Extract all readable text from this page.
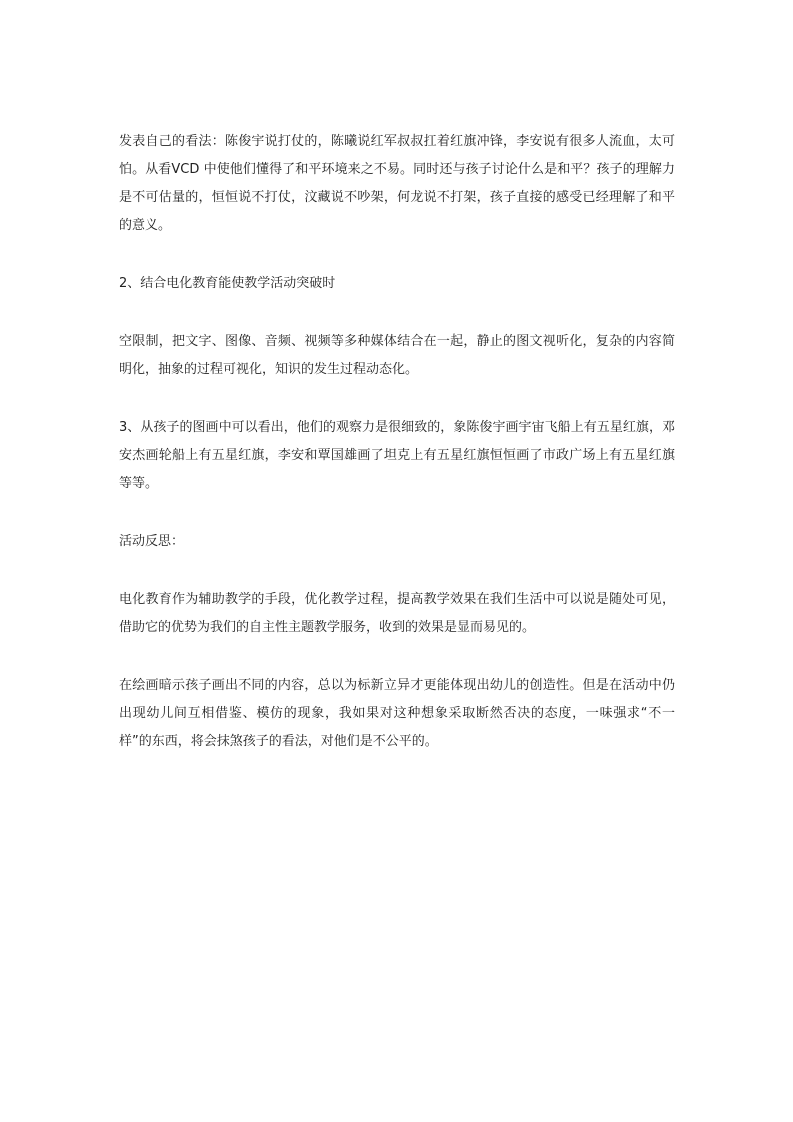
发表自己的看法：陈俊宇说打仗的，陈曦说红军叔叔扛着红旗冲锋，李安说有很多人流血，太可怕。从看VCD 中使他们懂得了和平环境来之不易。同时还与孩子讨论什么是和平？孩子的理解力是不可估量的，恒恒说不打仗，汶藏说不吵架，何龙说不打架，孩子直接的感受已经理解了和平的意义。

2、结合电化教育能使教学活动突破时

空限制，把文字、图像、音频、视频等多种媒体结合在一起，静止的图文视听化，复杂的内容简明化，抽象的过程可视化，知识的发生过程动态化。

3、从孩子的图画中可以看出，他们的观察力是很细致的，象陈俊宇画宇宙飞船上有五星红旗，邓安杰画轮船上有五星红旗，李安和覃国雄画了坦克上有五星红旗恒恒画了市政广场上有五星红旗等等。

活动反思：

电化教育作为辅助教学的手段，优化教学过程，提高教学效果在我们生活中可以说是随处可见，借助它的优势为我们的自主性主题教学服务，收到的效果是显而易见的。

在绘画暗示孩子画出不同的内容，总以为标新立异才更能体现出幼儿的创造性。但是在活动中仍出现幼儿间互相借鉴、模仿的现象，我如果对这种想象采取断然否决的态度，一味强求“不一样”的东西，将会抹煞孩子的看法，对他们是不公平的。
